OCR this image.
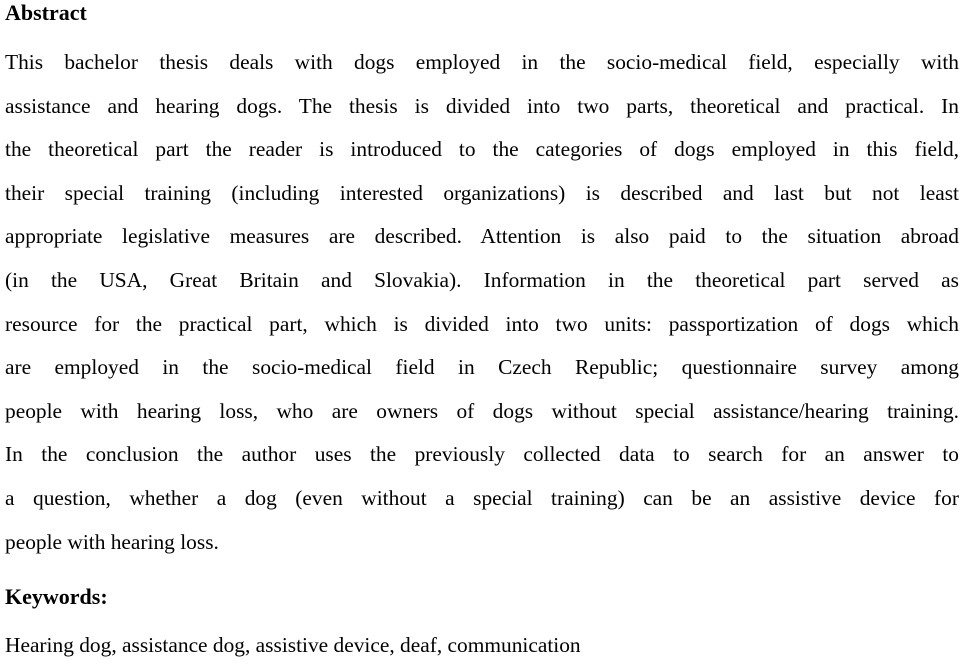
Abstract
This bachelor thesis deals with dogs employed in the socio-medical field, especially with
assistance and hearing dogs. The thesis is divided into two parts, theoretical and practical. In
the theoretical part the reader is introduced to the categories of dogs employed in this field,
their special training (including interested organizations) is described and last but not least
appropriate legislative measures are described. Attention is also paid to the situation abroad
(in the USA, Great Britain and Slovakia). Information in the theoretical part served as
resource for the practical part, which is divided into two units: passportization of dogs which
are employed in the socio-medical field in Czech Republic; questionnaire survey among
people with hearing loss, who are owners of dogs without special assistance/hearing training.
In the conclusion the author uses the previously collected data to search for an answer to
a question, whether a dog (even without a special training) can be an assistive device for
people with hearing loss.
Keywords:

Hearing dog, assistance dog, assistive device, deaf, communication
